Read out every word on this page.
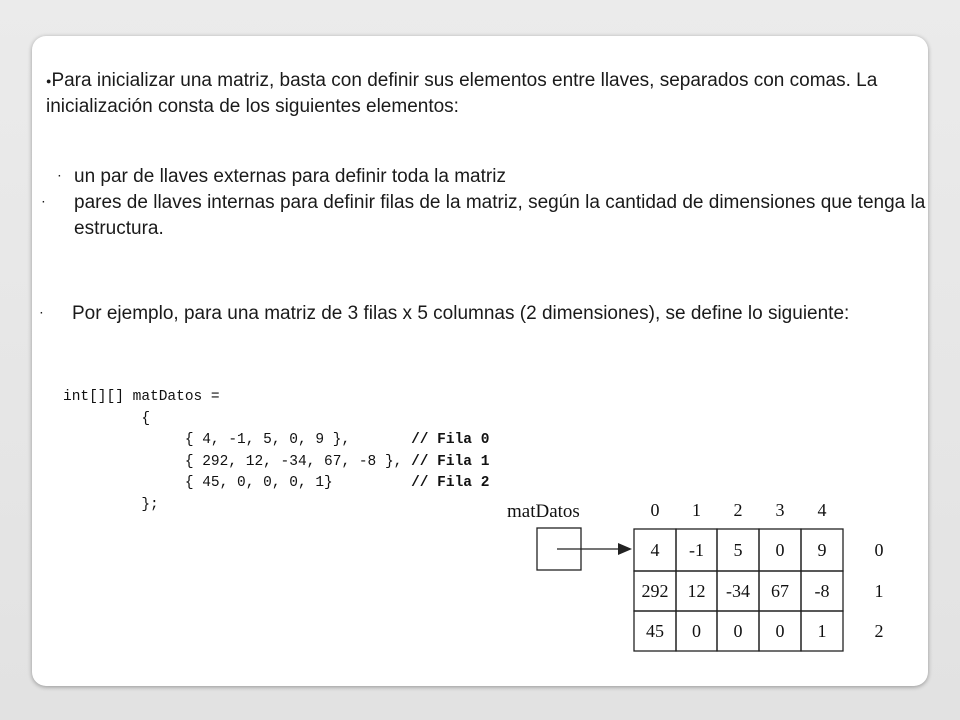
●Para inicializar una matriz, basta con definir sus elementos entre llaves, separados con comas. La inicialización consta de los siguientes elementos:
· un par de llaves externas para definir toda la matriz
· pares de llaves internas para definir filas de la matriz, según la cantidad de dimensiones que tenga la estructura.
· Por ejemplo, para una matriz de 3 filas x 5 columnas (2 dimensiones), se define lo siguiente:
int[][] matDatos =
{
{ 4, -1, 5, 0, 9 },       // Fila 0
{ 292, 12, -34, 67, -8 }, // Fila 1
{ 45, 0, 0, 0, 1}         // Fila 2
};	matDatos	0 1 2 3 4
0
1
2
4 -1 5 0 9
292 12 -34 67 -8
45 0 0 0 1
